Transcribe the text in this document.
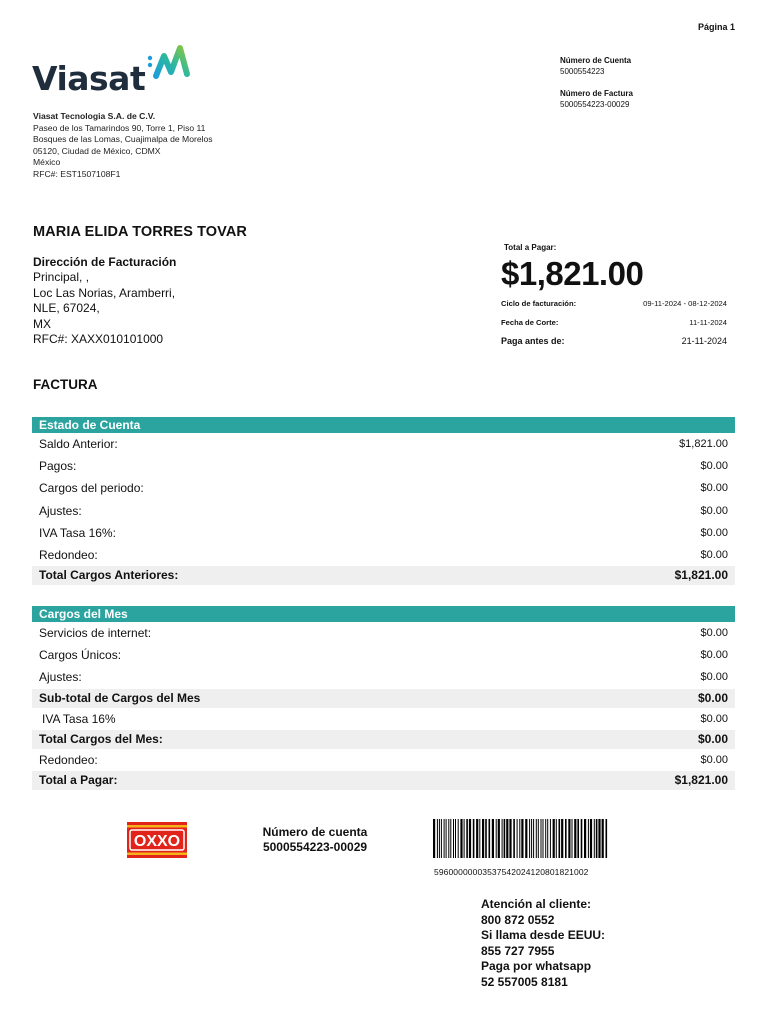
Página 1
Viasat
Viasat Tecnologia S.A. de C.V.
Paseo de los Tamarindos 90, Torre 1, Piso 11
Bosques de las Lomas, Cuajimalpa de Morelos
05120, Ciudad de México, CDMX
México
RFC#: EST1507108F1
Número de Cuenta
5000554223
Número de Factura
5000554223-00029
MARIA ELIDA TORRES TOVAR
Dirección de Facturación
Principal, ,
Loc Las Norias, Aramberri,
NLE, 67024,
MX
RFC#: XAXX010101000
Total a Pagar:
$1,821.00
Ciclo de facturación:	09-11-2024 - 08-12-2024
Fecha de Corte:	11-11-2024
Paga antes de:	21-11-2024
FACTURA
Estado de Cuenta
Saldo Anterior:	$1,821.00
Pagos:	$0.00
Cargos del periodo:	$0.00
Ajustes:	$0.00
IVA Tasa 16%:	$0.00
Redondeo:	$0.00
Total Cargos Anteriores:	$1,821.00
Cargos del Mes
Servicios de internet:	$0.00
Cargos Únicos:	$0.00
Ajustes:	$0.00
Sub-total de Cargos del Mes	$0.00
IVA Tasa 16%	$0.00
Total Cargos del Mes:	$0.00
Redondeo:	$0.00
Total a Pagar:	$1,821.00
OXXO
Número de cuenta
5000554223-00029
59600000003537542024120801821002
Atención al cliente:
800 872 0552
Si llama desde EEUU:
855 727 7955
Paga por whatsapp
52 557005 8181
